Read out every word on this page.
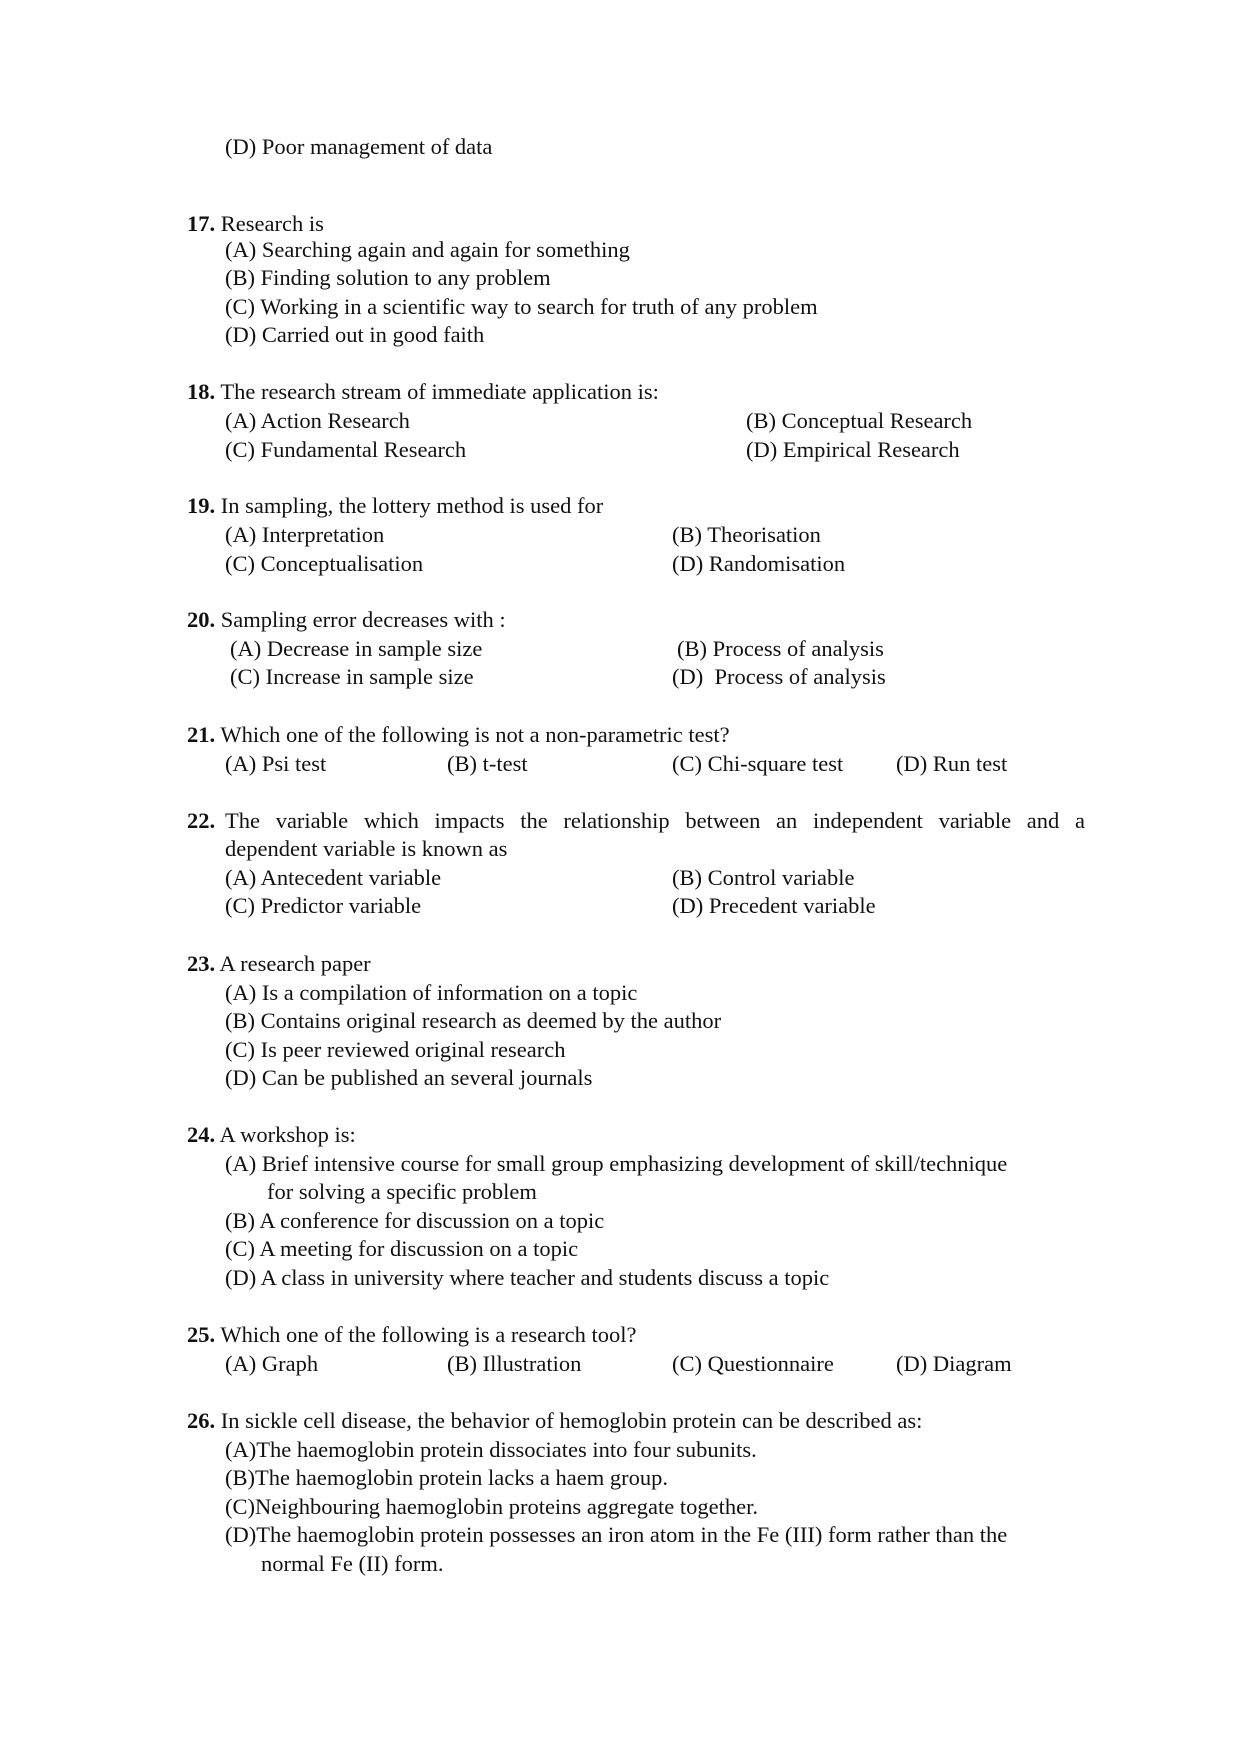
(D) Poor management of data
17. Research is
(A) Searching again and again for something
(B) Finding solution to any problem
(C) Working in a scientific way to search for truth of any problem
(D) Carried out in good faith
18. The research stream of immediate application is:
(A) Action Research	(B) Conceptual Research
(C) Fundamental Research	(D) Empirical Research
19. In sampling, the lottery method is used for
(A) Interpretation	(B) Theorisation
(C) Conceptualisation	(D) Randomisation
20. Sampling error decreases with :
(A) Decrease in sample size	(B) Process of analysis
(C) Increase in sample size	(D)  Process of analysis
21. Which one of the following is not a non-parametric test?
(A) Psi test	(B) t-test	(C) Chi-square test (D) Run test
22. The variable which impacts the relationship between an independent variable and a
dependent variable is known as
(A) Antecedent variable	(B) Control variable
(C) Predictor variable	(D) Precedent variable
23. A research paper
(A) Is a compilation of information on a topic
(B) Contains original research as deemed by the author
(C) Is peer reviewed original research
(D) Can be published an several journals
24. A workshop is:
(A) Brief intensive course for small group emphasizing development of skill/technique
for solving a specific problem
(B) A conference for discussion on a topic
(C) A meeting for discussion on a topic
(D) A class in university where teacher and students discuss a topic
25. Which one of the following is a research tool?
(A) Graph	(B) Illustration	(C) Questionnaire	(D) Diagram
26. In sickle cell disease, the behavior of hemoglobin protein can be described as:
(A)The haemoglobin protein dissociates into four subunits.
(B)The haemoglobin protein lacks a haem group.
(C)Neighbouring haemoglobin proteins aggregate together.
(D)The haemoglobin protein possesses an iron atom in the Fe (III) form rather than the
normal Fe (II) form.
